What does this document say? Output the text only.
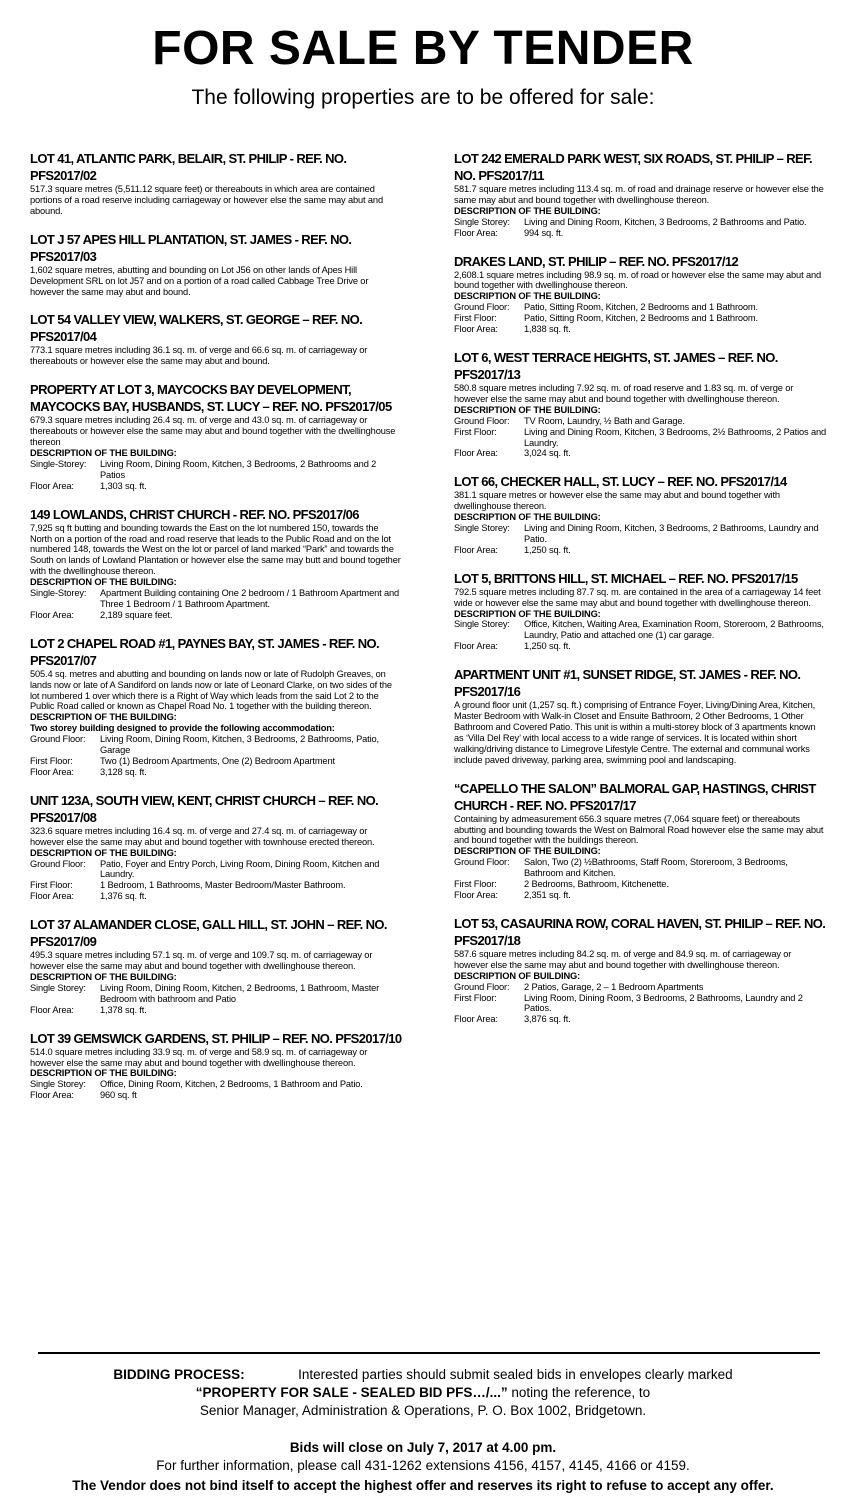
FOR SALE BY TENDER
The following properties are to be offered for sale:
LOT 41, ATLANTIC PARK, BELAIR, ST. PHILIP - REF. NO. PFS2017/02
517.3 square metres (5,511.12 square feet) or thereabouts in which area are contained portions of a road reserve including carriageway or however else the same may abut and abound.
LOT J 57 APES HILL PLANTATION, ST. JAMES - REF. NO. PFS2017/03
1,602 square metres, abutting and bounding on Lot J56 on other lands of Apes Hill Development SRL on lot J57 and on a portion of a road called Cabbage Tree Drive or however the same may abut and bound.
LOT 54 VALLEY VIEW, WALKERS, ST. GEORGE – REF. NO. PFS2017/04
773.1 square metres including 36.1 sq. m. of verge and 66.6 sq. m. of carriageway or thereabouts or however else the same may abut and bound.
PROPERTY AT LOT 3, MAYCOCKS BAY DEVELOPMENT, MAYCOCKS BAY, HUSBANDS, ST. LUCY – REF. NO. PFS2017/05
679.3 square metres including 26.4 sq. m. of verge and 43.0 sq. m. of carriageway or thereabouts or however else the same may abut and bound together with the dwellinghouse thereon
DESCRIPTION OF THE BUILDING:
Single-Storey:	Living Room, Dining Room, Kitchen, 3 Bedrooms, 2 Bathrooms and 2 Patios
Floor Area:	1,303 sq. ft.
149 LOWLANDS, CHRIST CHURCH - REF. NO. PFS2017/06
7,925 sq ft butting and bounding towards the East on the lot numbered 150, towards the North on a portion of the road and road reserve that leads to the Public Road and on the lot numbered 148, towards the West on the lot or parcel of land marked “Park” and towards the South on lands of Lowland Plantation or however else the same may butt and bound together with the dwellinghouse thereon.
DESCRIPTION OF THE BUILDING:
Single-Storey:	Apartment Building containing One 2 bedroom / 1 Bathroom Apartment and Three 1 Bedroom / 1 Bathroom Apartment.
Floor Area:	2,189 square feet.
LOT 2 CHAPEL ROAD #1, PAYNES BAY, ST. JAMES - REF. NO. PFS2017/07
505.4 sq. metres and abutting and bounding on lands now or late of Rudolph Greaves, on lands now or late of A Sandiford on lands now or late of Leonard Clarke, on two sides of the lot numbered 1 over which there is a Right of Way which leads from the said Lot 2 to the Public Road called or known as Chapel Road No. 1 together with the building thereon.
DESCRIPTION OF THE BUILDING:
Two storey building designed to provide the following accommodation:
Ground Floor:	Living Room, Dining Room, Kitchen, 3 Bedrooms, 2 Bathrooms, Patio, Garage
First Floor:	Two (1) Bedroom Apartments, One (2) Bedroom Apartment
Floor Area:	3,128 sq. ft.
UNIT 123A, SOUTH VIEW, KENT, CHRIST CHURCH – REF. NO. PFS2017/08
323.6 square metres including 16.4 sq. m. of verge and 27.4 sq. m. of carriageway or however else the same may abut and bound together with townhouse erected thereon.
DESCRIPTION OF THE BUILDING:
Ground Floor:	Patio, Foyer and Entry Porch, Living Room, Dining Room, Kitchen and Laundry.
First Floor:	1 Bedroom, 1 Bathrooms, Master Bedroom/Master Bathroom.
Floor Area:	1,376 sq. ft.
LOT 37 ALAMANDER CLOSE, GALL HILL, ST. JOHN – REF. NO. PFS2017/09
495.3 square metres including 57.1 sq. m. of verge and 109.7 sq. m. of carriageway or however else the same may abut and bound together with dwellinghouse thereon.
DESCRIPTION OF THE BUILDING:
Single Storey:	Living Room, Dining Room, Kitchen, 2 Bedrooms, 1 Bathroom, Master Bedroom with bathroom and Patio
Floor Area:	1,378 sq. ft.
LOT 39 GEMSWICK GARDENS, ST. PHILIP – REF. NO. PFS2017/10
514.0 square metres including 33.9 sq. m. of verge and 58.9 sq. m. of carriageway or however else the same may abut and bound together with dwellinghouse thereon.
DESCRIPTION OF THE BUILDING:
Single Storey:	Office, Dining Room, Kitchen, 2 Bedrooms, 1 Bathroom and Patio.
Floor Area:	960 sq. ft
LOT 242 EMERALD PARK WEST, SIX ROADS, ST. PHILIP – REF. NO. PFS2017/11
581.7 square metres including 113.4 sq. m. of road and drainage reserve or however else the same may abut and bound together with dwellinghouse thereon.
DESCRIPTION OF THE BUILDING:
Single Storey:	Living and Dining Room, Kitchen, 3 Bedrooms, 2 Bathrooms and Patio.
Floor Area:	994 sq. ft.
DRAKES LAND, ST. PHILIP – REF. NO. PFS2017/12
2,608.1 square metres including 98.9 sq. m. of road or however else the same may abut and bound together with dwellinghouse thereon.
DESCRIPTION OF THE BUILDING:
Ground Floor:	Patio, Sitting Room, Kitchen, 2 Bedrooms and 1 Bathroom.
First Floor:	Patio, Sitting Room, Kitchen, 2 Bedrooms and 1 Bathroom.
Floor Area:	1,838 sq. ft.
LOT 6, WEST TERRACE HEIGHTS, ST. JAMES – REF. NO. PFS2017/13
580.8 square metres including 7.92 sq. m. of road reserve and 1.83 sq. m. of verge or however else the same may abut and bound together with dwellinghouse thereon.
DESCRIPTION OF THE BUILDING:
Ground Floor:	TV Room, Laundry, ½ Bath and Garage.
First Floor:	Living and Dining Room, Kitchen, 3 Bedrooms, 2½ Bathrooms, 2 Patios and Laundry.
Floor Area:	3,024 sq. ft.
LOT 66, CHECKER HALL, ST. LUCY – REF. NO. PFS2017/14
381.1 square metres or however else the same may abut and bound together with dwellinghouse thereon.
DESCRIPTION OF THE BUILDING:
Single Storey:	Living and Dining Room, Kitchen, 3 Bedrooms, 2 Bathrooms, Laundry and Patio.
Floor Area:	1,250 sq. ft.
LOT 5, BRITTONS HILL, ST. MICHAEL – REF. NO. PFS2017/15
792.5 square metres including 87.7 sq. m. are contained in the area of a carriageway 14 feet wide or however else the same may abut and bound together with dwellinghouse thereon.
DESCRIPTION OF THE BUILDING:
Single Storey:	Office, Kitchen, Waiting Area, Examination Room, Storeroom, 2 Bathrooms, Laundry, Patio and attached one (1) car garage.
Floor Area:	1,250 sq. ft.
APARTMENT UNIT #1, SUNSET RIDGE, ST. JAMES - REF. NO. PFS2017/16
A ground floor unit (1,257 sq. ft.) comprising of Entrance Foyer, Living/Dining Area, Kitchen, Master Bedroom with Walk-in Closet and Ensuite Bathroom, 2 Other Bedrooms, 1 Other Bathroom and Covered Patio. This unit is within a multi-storey block of 3 apartments known as ‘Villa Del Rey’ with local access to a wide range of services. It is located within short walking/driving distance to Limegrove Lifestyle Centre. The external and communal works include paved driveway, parking area, swimming pool and landscaping.
“CAPELLO THE SALON” BALMORAL GAP, HASTINGS, CHRIST CHURCH - REF. NO. PFS2017/17
Containing by admeasurement 656.3 square metres (7,064 square feet) or thereabouts abutting and bounding towards the West on Balmoral Road however else the same may abut and bound together with the buildings thereon.
DESCRIPTION OF THE BUILDING:
Ground Floor:	Salon, Two (2) ½Bathrooms, Staff Room, Storeroom, 3 Bedrooms, Bathroom and Kitchen.
First Floor:	2 Bedrooms, Bathroom, Kitchenette.
Floor Area:	2,351 sq. ft.
LOT 53, CASAURINA ROW, CORAL HAVEN, ST. PHILIP – REF. NO. PFS2017/18
587.6 square metres including 84.2 sq. m. of verge and 84.9 sq. m. of carriageway or however else the same may abut and bound together with dwellinghouse thereon.
DESCRIPTION OF BUILDING:
Ground Floor:	2 Patios, Garage, 2 – 1 Bedroom Apartments
First Floor:	Living Room, Dining Room, 3 Bedrooms, 2 Bathrooms, Laundry and 2 Patios.
Floor Area:	3,876 sq. ft.
BIDDING PROCESS:	Interested parties should submit sealed bids in envelopes clearly marked
“PROPERTY FOR SALE - SEALED BID PFS…/...” noting the reference, to
Senior Manager, Administration & Operations, P. O. Box 1002, Bridgetown.
Bids will close on July 7, 2017 at 4.00 pm.
For further information, please call 431-1262 extensions 4156, 4157, 4145, 4166 or 4159.
The Vendor does not bind itself to accept the highest offer and reserves its right to refuse to accept any offer.
